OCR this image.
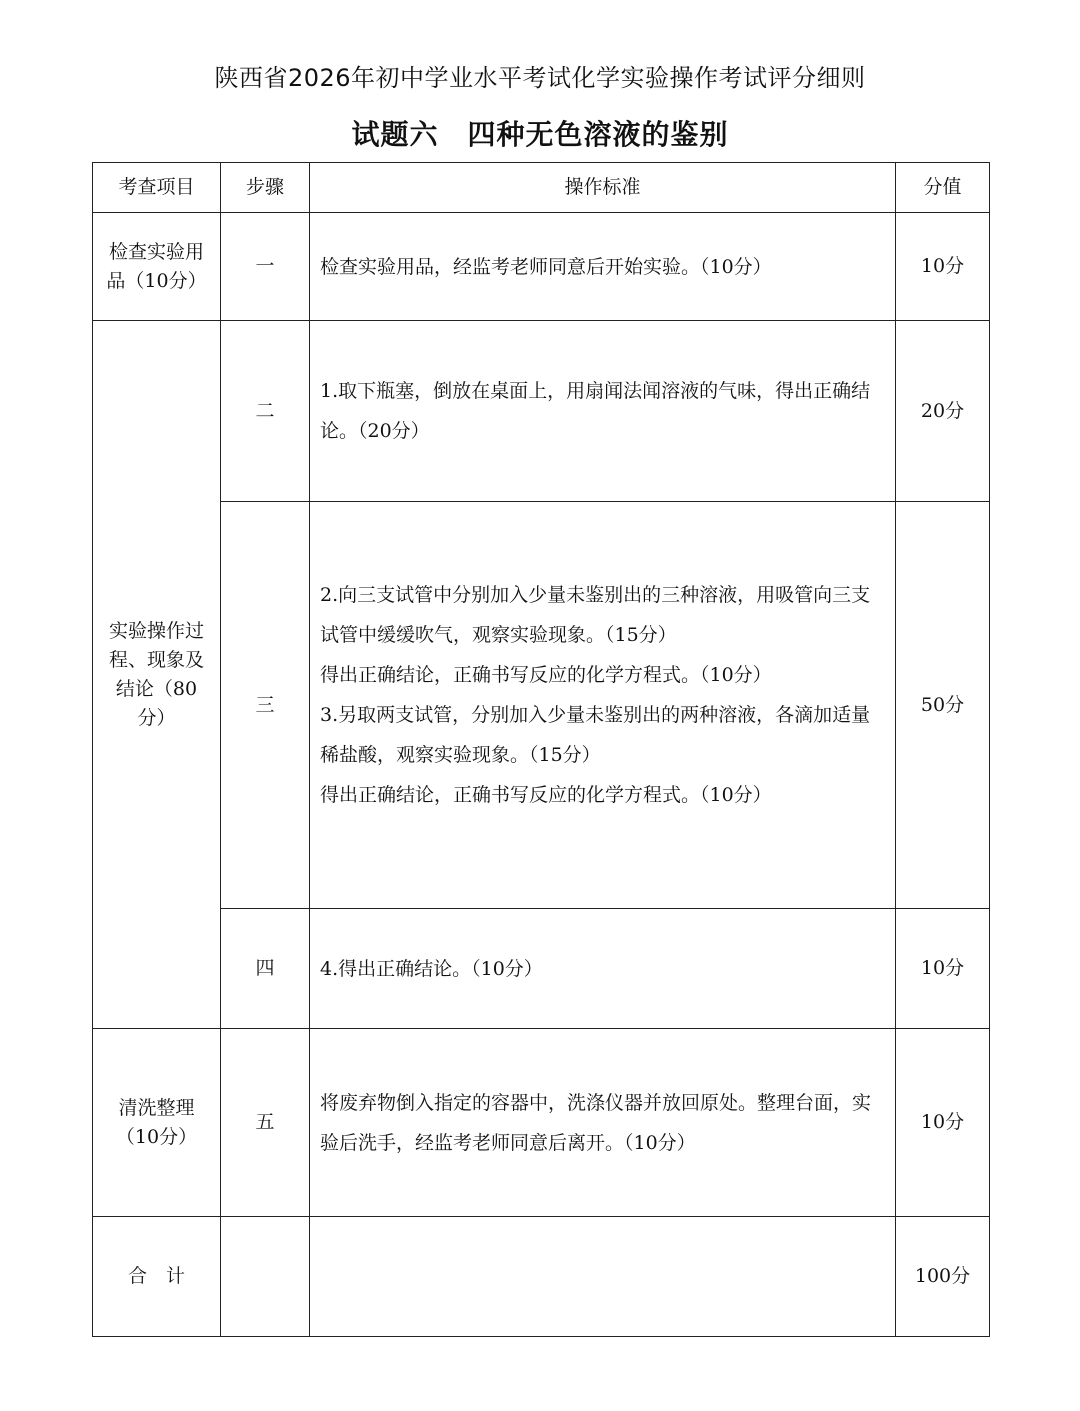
陕西省2026年初中学业水平考试化学实验操作考试评分细则
试题六　四种无色溶液的鉴别
考查项目	步骤	操作标准	分值
检查实验用品（10分）	一	检查实验用品，经监考老师同意后开始实验。（10分）	10分
实验操作过程、现象及结论（80分）	二	1.取下瓶塞，倒放在桌面上，用扇闻法闻溶液的气味，得出正确结论。（20分）	20分
	三	2.向三支试管中分别加入少量未鉴别出的三种溶液，用吸管向三支试管中缓缓吹气，观察实验现象。（15分）
得出正确结论，正确书写反应的化学方程式。（10分）
3.另取两支试管，分别加入少量未鉴别出的两种溶液，各滴加适量稀盐酸，观察实验现象。（15分）
得出正确结论，正确书写反应的化学方程式。（10分）	50分
	四	4.得出正确结论。（10分）	10分
清洗整理（10分）	五	将废弃物倒入指定的容器中，洗涤仪器并放回原处。整理台面，实验后洗手，经监考老师同意后离开。（10分）	10分
合　计			100分
